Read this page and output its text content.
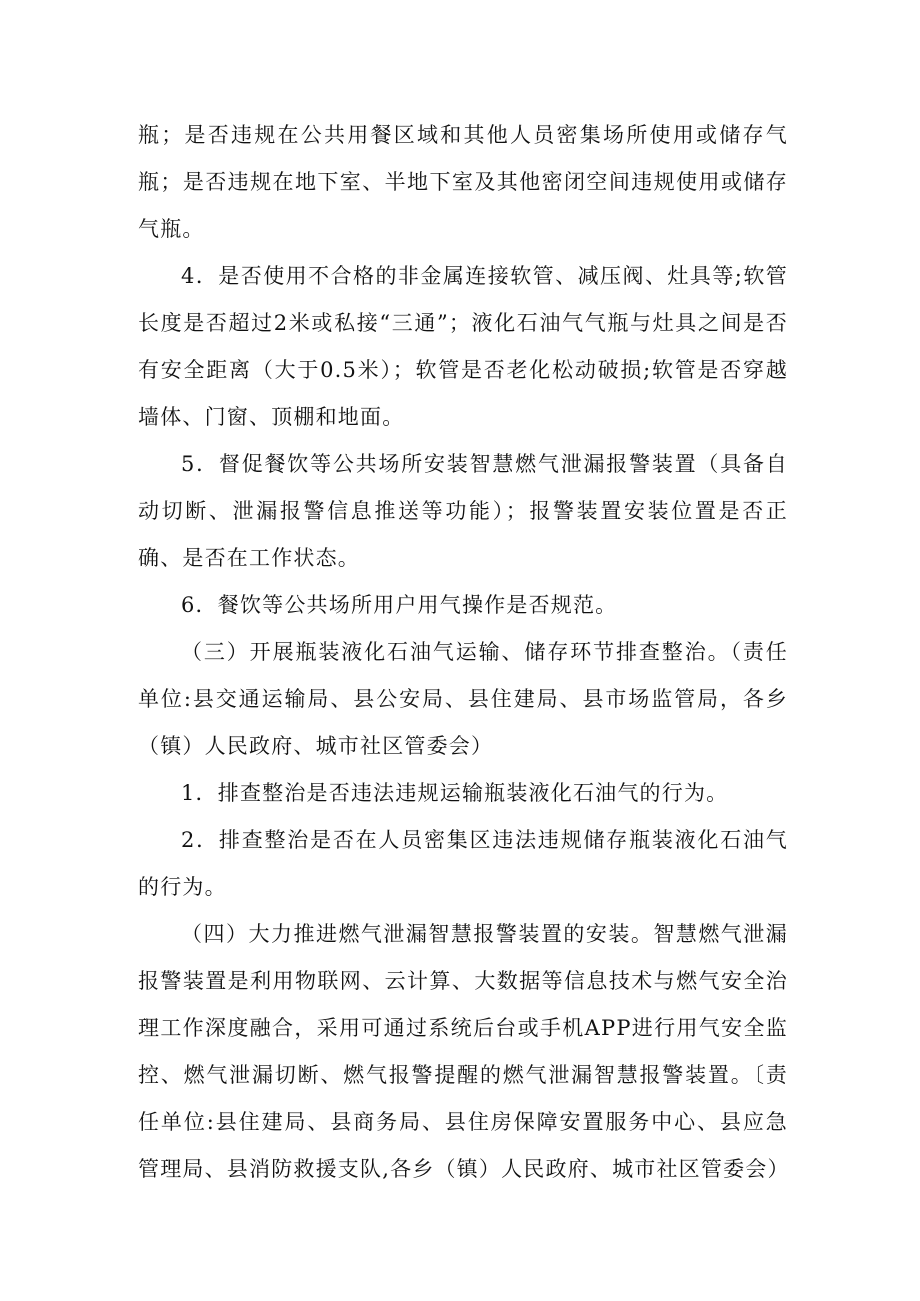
瓶；是否违规在公共用餐区域和其他人员密集场所使用或储存气瓶；是否违规在地下室、半地下室及其他密闭空间违规使用或储存气瓶。

4．是否使用不合格的非金属连接软管、减压阀、灶具等;软管长度是否超过2米或私接“三通”；液化石油气气瓶与灶具之间是否有安全距离（大于0.5米）；软管是否老化松动破损;软管是否穿越墙体、门窗、顶棚和地面。

5．督促餐饮等公共场所安装智慧燃气泄漏报警装置（具备自动切断、泄漏报警信息推送等功能）；报警装置安装位置是否正确、是否在工作状态。

6．餐饮等公共场所用户用气操作是否规范。

（三）开展瓶装液化石油气运输、储存环节排查整治。（责任单位:县交通运输局、县公安局、县住建局、县市场监管局，各乡（镇）人民政府、城市社区管委会）

1．排查整治是否违法违规运输瓶装液化石油气的行为。

2．排查整治是否在人员密集区违法违规储存瓶装液化石油气的行为。

（四）大力推进燃气泄漏智慧报警装置的安装。智慧燃气泄漏报警装置是利用物联网、云计算、大数据等信息技术与燃气安全治理工作深度融合，采用可通过系统后台或手机APP进行用气安全监控、燃气泄漏切断、燃气报警提醒的燃气泄漏智慧报警装置。〔责任单位:县住建局、县商务局、县住房保障安置服务中心、县应急管理局、县消防救援支队,各乡（镇）人民政府、城市社区管委会）
